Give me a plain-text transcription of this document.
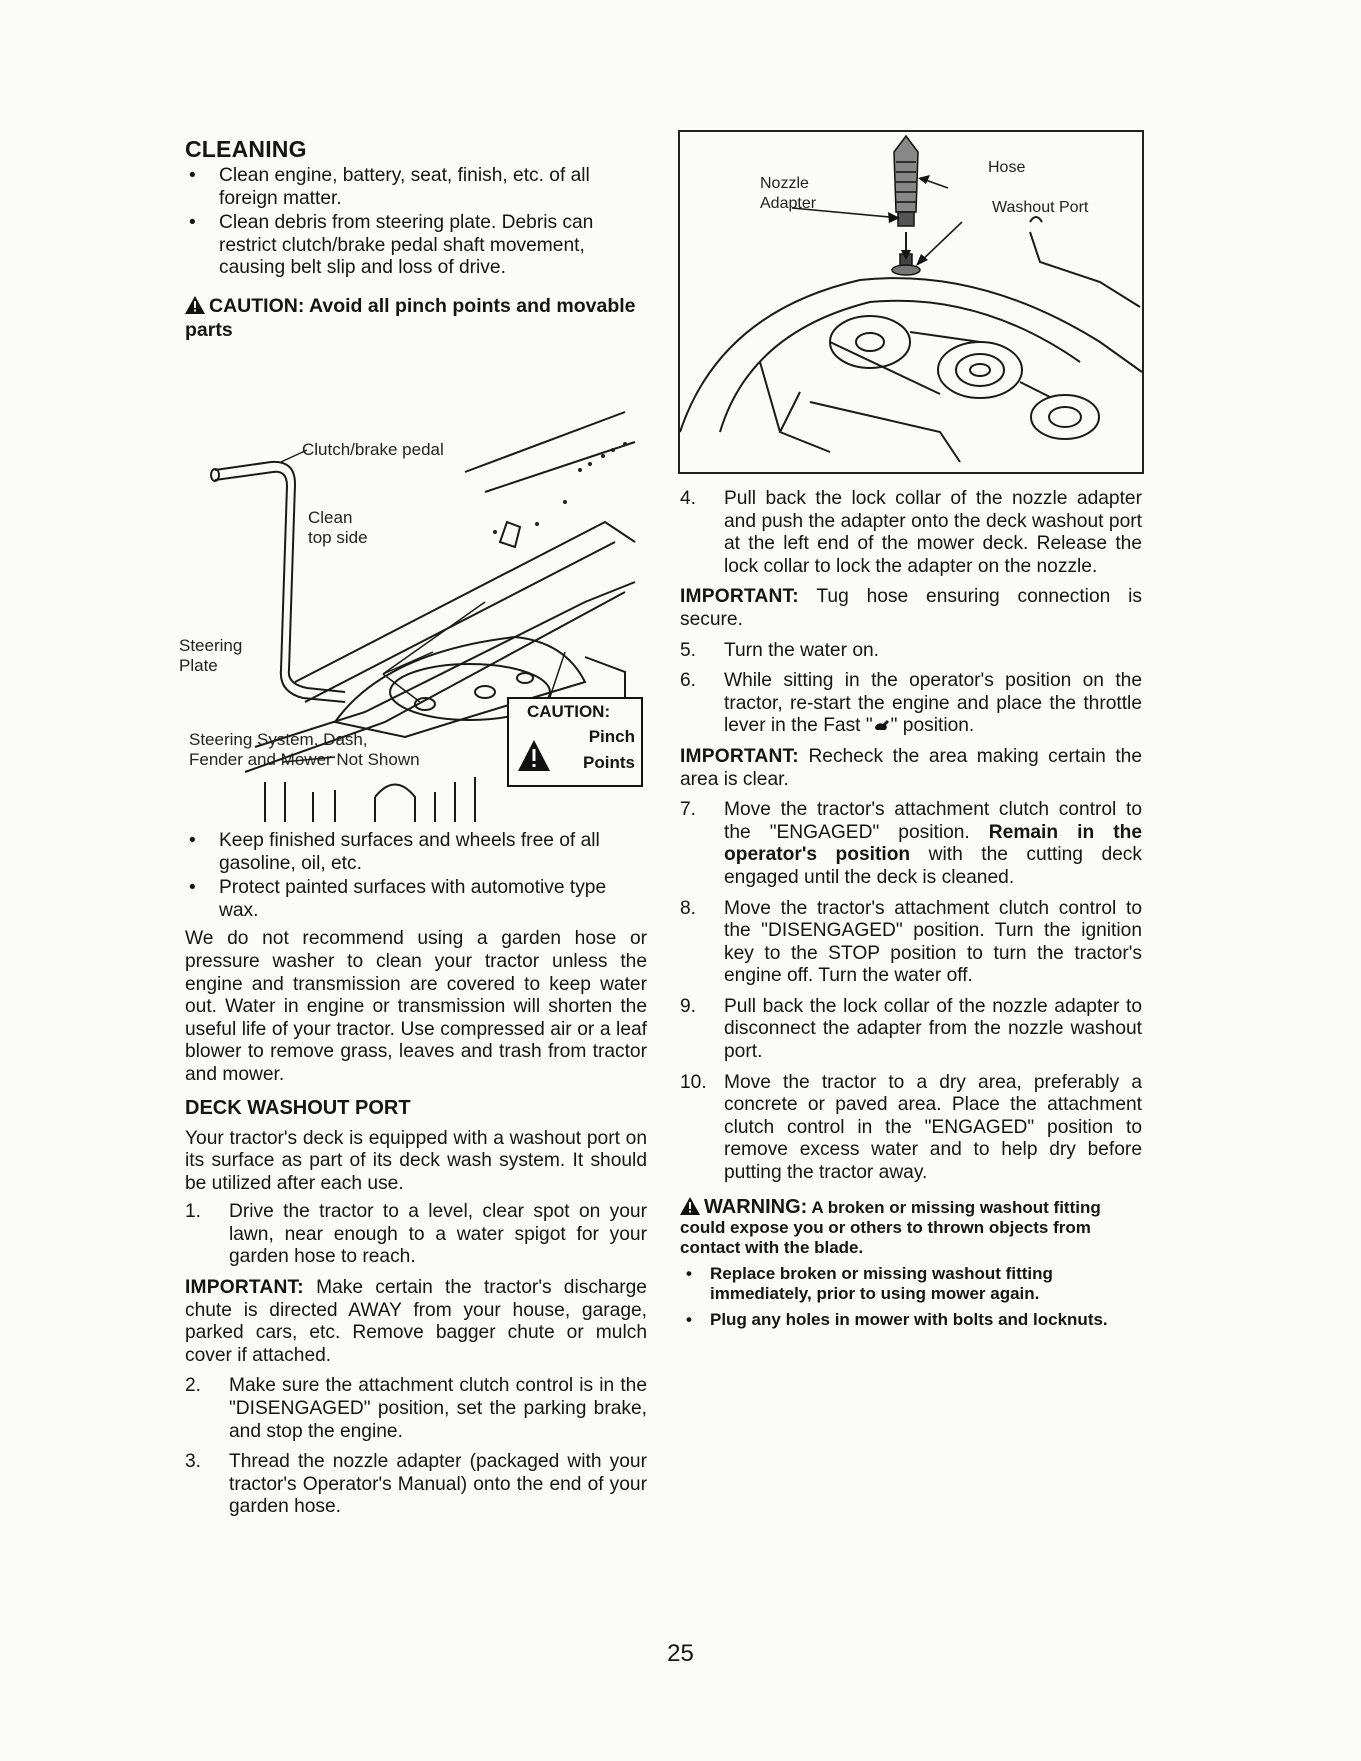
CLEANING
• Clean engine, battery, seat, finish, etc. of all foreign matter.
• Clean debris from steering plate. Debris can restrict clutch/brake pedal shaft movement, causing belt slip and loss of drive.
CAUTION: Avoid all pinch points and movable parts
Clutch/brake pedal
Clean
top side
Steering
Plate
Steering System, Dash,
Fender and Mower Not Shown
CAUTION:
Pinch
Points
• Keep finished surfaces and wheels free of all gasoline, oil, etc.
• Protect painted surfaces with automotive type wax.

We do not recommend using a garden hose or pressure washer to clean your tractor unless the engine and transmission are covered to keep water out. Water in engine or transmission will shorten the useful life of your tractor. Use compressed air or a leaf blower to remove grass, leaves and trash from tractor and mower.

DECK WASHOUT PORT

Your tractor's deck is equipped with a washout port on its surface as part of its deck wash system. It should be utilized after each use.

1.	Drive the tractor to a level, clear spot on your lawn, near enough to a water spigot for your garden hose to reach.
IMPORTANT: Make certain the tractor's discharge chute is directed AWAY from your house, garage, parked cars, etc. Remove bagger chute or mulch cover if attached.
2.	Make sure the attachment clutch control is in the "DISENGAGED" position, set the parking brake, and stop the engine.
3.	Thread the nozzle adapter (packaged with your tractor's Operator's Manual) onto the end of your garden hose.
Hose
Nozzle
Adapter	Washout Port
4.	Pull back the lock collar of the nozzle adapter and push the adapter onto the deck washout port at the left end of the mower deck. Release the lock collar to lock the adapter on the nozzle.
IMPORTANT: Tug hose ensuring connection is secure.
5.	Turn the water on.
6.	While sitting in the operator's position on the tractor, re-start the engine and place the throttle lever in the Fast " " position.
IMPORTANT: Recheck the area making certain the area is clear.
7.	Move the tractor's attachment clutch control to the "ENGAGED" position. Remain in the operator's position with the cutting deck engaged until the deck is cleaned.
8.	Move the tractor's attachment clutch control to the "DISENGAGED" position. Turn the ignition key to the STOP position to turn the tractor's engine off. Turn the water off.
9.	Pull back the lock collar of the nozzle adapter to disconnect the adapter from the nozzle washout port.
10. Move the tractor to a dry area, preferably a concrete or paved area. Place the attachment clutch control in the "ENGAGED" position to remove excess water and to help dry before putting the tractor away.
WARNING: A broken or missing washout fitting could expose you or others to thrown objects from contact with the blade.
• Replace broken or missing washout fitting immediately, prior to using mower again.
• Plug any holes in mower with bolts and locknuts.
25
